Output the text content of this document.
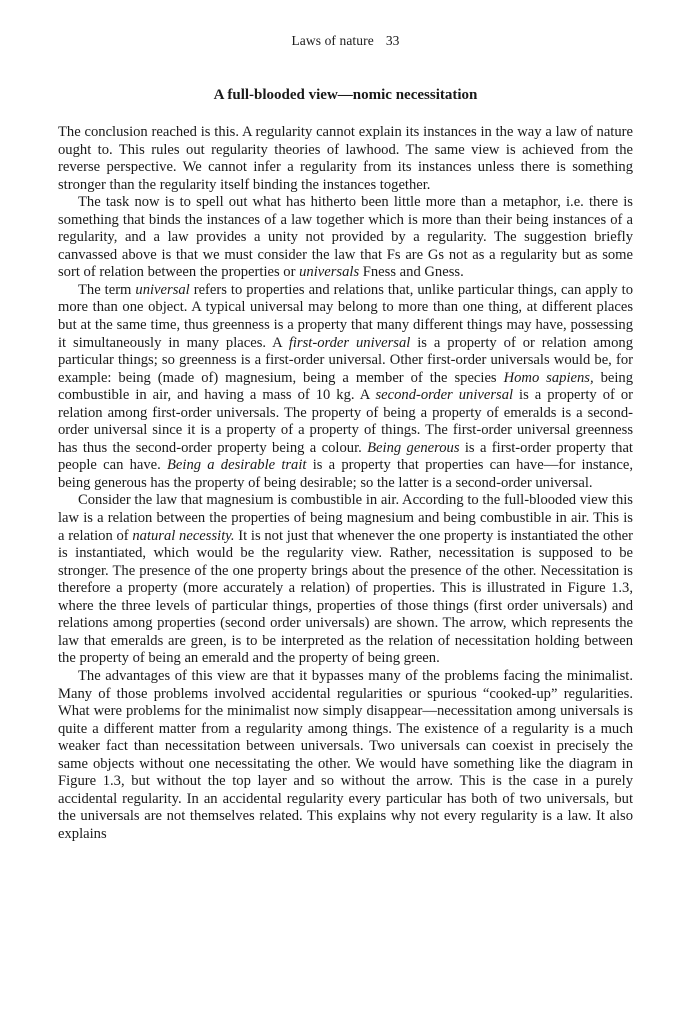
Laws of nature 33
A full-blooded view—nomic necessitation

The conclusion reached is this. A regularity cannot explain its instances in the way a law of nature ought to. This rules out regularity theories of lawhood. The same view is achieved from the reverse perspective. We cannot infer a regularity from its instances unless there is something stronger than the regularity itself binding the instances together.

The task now is to spell out what has hitherto been little more than a metaphor, i.e. there is something that binds the instances of a law together which is more than their being instances of a regularity, and a law provides a unity not provided by a regularity. The suggestion briefly canvassed above is that we must consider the law that Fs are Gs not as a regularity but as some sort of relation between the properties or universals Fness and Gness.

The term universal refers to properties and relations that, unlike particular things, can apply to more than one object. A typical universal may belong to more than one thing, at different places but at the same time, thus greenness is a property that many different things may have, possessing it simultaneously in many places. A first-order universal is a property of or relation among particular things; so greenness is a first-order universal. Other first-order universals would be, for example: being (made of) magnesium, being a member of the species Homo sapiens, being combustible in air, and having a mass of 10 kg. A second-order universal is a property of or relation among first-order universals. The property of being a property of emeralds is a second-order universal since it is a property of a property of things. The first-order universal greenness has thus the second-order property being a colour. Being generous is a first-order property that people can have. Being a desirable trait is a property that properties can have—for instance, being generous has the property of being desirable; so the latter is a second-order universal.

Consider the law that magnesium is combustible in air. According to the full-blooded view this law is a relation between the properties of being magnesium and being combustible in air. This is a relation of natural necessity. It is not just that whenever the one property is instantiated the other is instantiated, which would be the regularity view. Rather, necessitation is supposed to be stronger. The presence of the one property brings about the presence of the other. Necessitation is therefore a property (more accurately a relation) of properties. This is illustrated in Figure 1.3, where the three levels of particular things, properties of those things (first order universals) and relations among properties (second order universals) are shown. The arrow, which represents the law that emeralds are green, is to be interpreted as the relation of necessitation holding between the property of being an emerald and the property of being green.

The advantages of this view are that it bypasses many of the problems facing the minimalist. Many of those problems involved accidental regularities or spurious “cooked-up” regularities. What were problems for the minimalist now simply disappear—necessitation among universals is quite a different matter from a regularity among things. The existence of a regularity is a much weaker fact than necessitation between universals. Two universals can coexist in precisely the same objects without one necessitating the other. We would have something like the diagram in Figure 1.3, but without the top layer and so without the arrow. This is the case in a purely accidental regularity. In an accidental regularity every particular has both of two universals, but the universals are not themselves related. This explains why not every regularity is a law. It also explains
